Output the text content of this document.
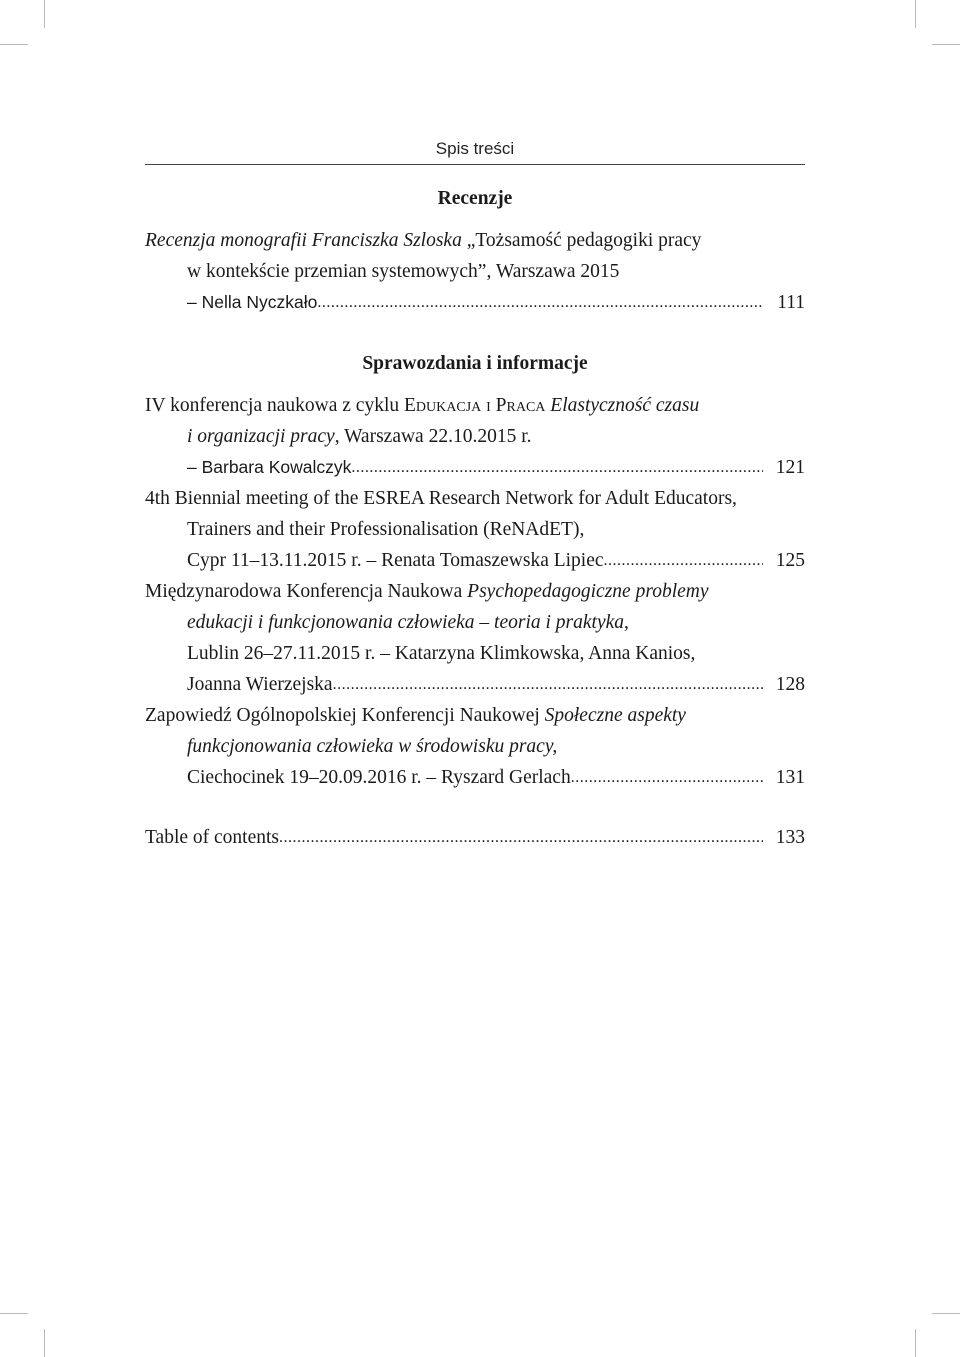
Spis treści
Recenzje
Recenzja monografii Franciszka Szloska „Tożsamość pedagogiki pracy
w kontekście przemian systemowych”, Warszawa 2015
– Nella Nyczkało .....	111
Sprawozdania i informacje
IV konferencja naukowa z cyklu Edukacja i Praca Elastyczność czasu
i organizacji pracy, Warszawa 22.10.2015 r.
– Barbara Kowalczyk .....	121
4th Biennial meeting of the ESREA Research Network for Adult Educators,
Trainers and their Professionalisation (ReNAdET),
Cypr 11–13.11.2015 r. – Renata Tomaszewska Lipiec .....	125
Międzynarodowa Konferencja Naukowa Psychopedagogiczne problemy
edukacji i funkcjonowania człowieka – teoria i praktyka,
Lublin 26–27.11.2015 r. – Katarzyna Klimkowska, Anna Kanios,
Joanna Wierzejska .....	128
Zapowiedź Ogólnopolskiej Konferencji Naukowej Społeczne aspekty
funkcjonowania człowieka w środowisku pracy,
Ciechocinek 19–20.09.2016 r. – Ryszard Gerlach .....	131
Table of contents .....	133
